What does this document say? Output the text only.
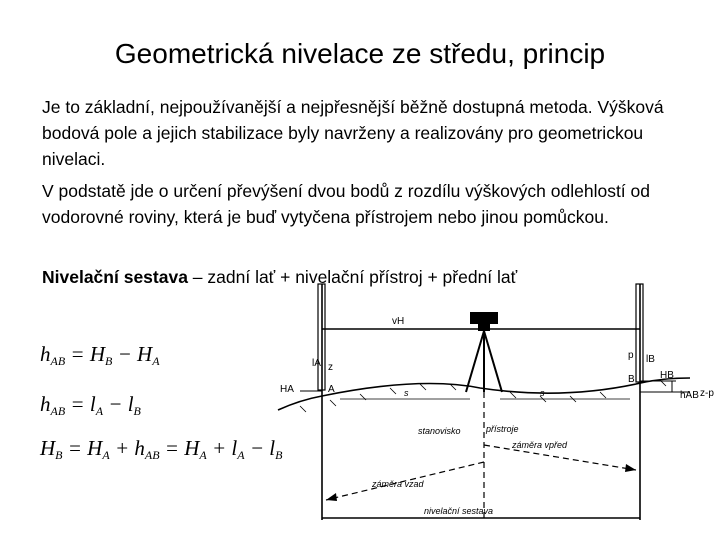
Geometrická nivelace ze středu, princip
Je to základní, nejpoužívanější a nejpřesnější běžně dostupná metoda. Výšková bodová pole a jejich stabilizace byly navrženy a realizovány pro geometrickou nivelaci.
V podstatě jde o určení převýšení dvou bodů z rozdílu výškových odlehlostí od vodorovné roviny, která je buď vytyčena přístrojem nebo jinou pomůckou.
Nivelační sestava – zadní lať + nivelační přístroj + přední lať
$h_{AB} = H_B - H_A$
$h_{AB} = l_A - l_B$
$H_B = H_A + h_{AB} = H_A + l_A - l_B$
vH
lA z
p lB
HA	A
B	HB
hAB z-p
s	s
stanovisko	přístroje
záměra vpřed
záměra vzad
nivelační sestava
